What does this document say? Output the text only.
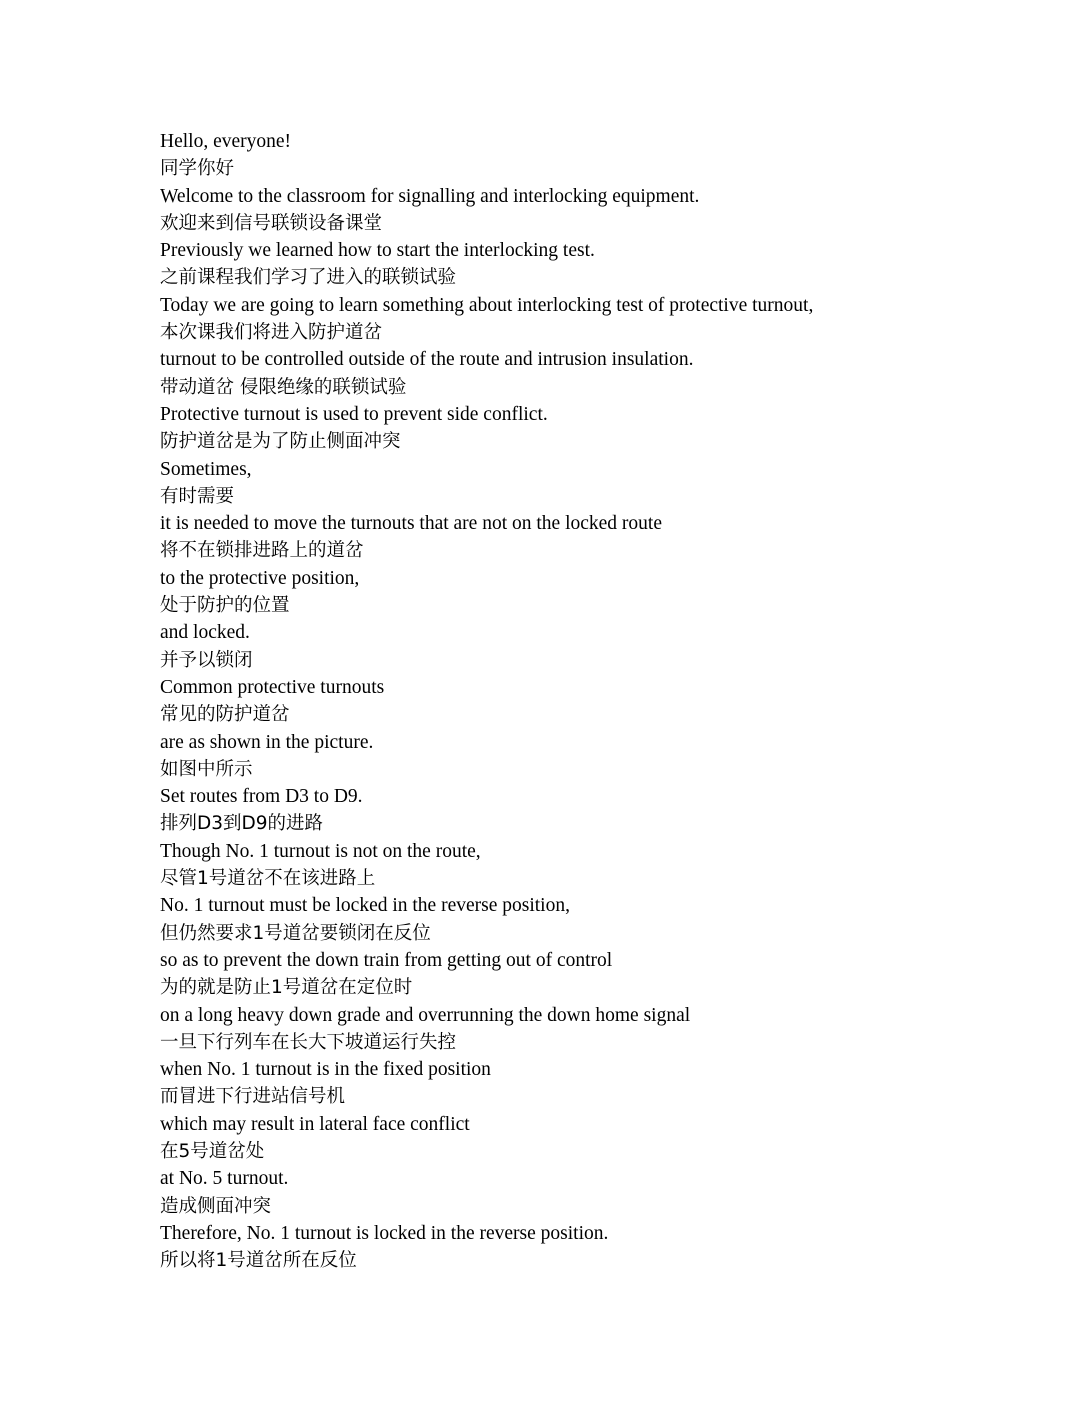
Hello, everyone!
同学你好
Welcome to the classroom for signalling and interlocking equipment.
欢迎来到信号联锁设备课堂
Previously we learned how to start the interlocking test.
之前课程我们学习了进入的联锁试验
Today we are going to learn something about interlocking test of protective turnout,
本次课我们将进入防护道岔
turnout to be controlled outside of the route and intrusion insulation.
带动道岔 侵限绝缘的联锁试验
Protective turnout is used to prevent side conflict.
防护道岔是为了防止侧面冲突
Sometimes,
有时需要
it is needed to move the turnouts that are not on the locked route
将不在锁排进路上的道岔
to the protective position,
处于防护的位置
and locked.
并予以锁闭
Common protective turnouts
常见的防护道岔
are as shown in the picture.
如图中所示
Set routes from D3 to D9.
排列D3到D9的进路
Though No. 1 turnout is not on the route,
尽管1号道岔不在该进路上
No. 1 turnout must be locked in the reverse position,
但仍然要求1号道岔要锁闭在反位
so as to prevent the down train from getting out of control
为的就是防止1号道岔在定位时
on a long heavy down grade and overrunning the down home signal
一旦下行列车在长大下坡道运行失控
when No. 1 turnout is in the fixed position
而冒进下行进站信号机
which may result in lateral face conflict
在5号道岔处
at No. 5 turnout.
造成侧面冲突
Therefore, No. 1 turnout is locked in the reverse position.
所以将1号道岔所在反位
